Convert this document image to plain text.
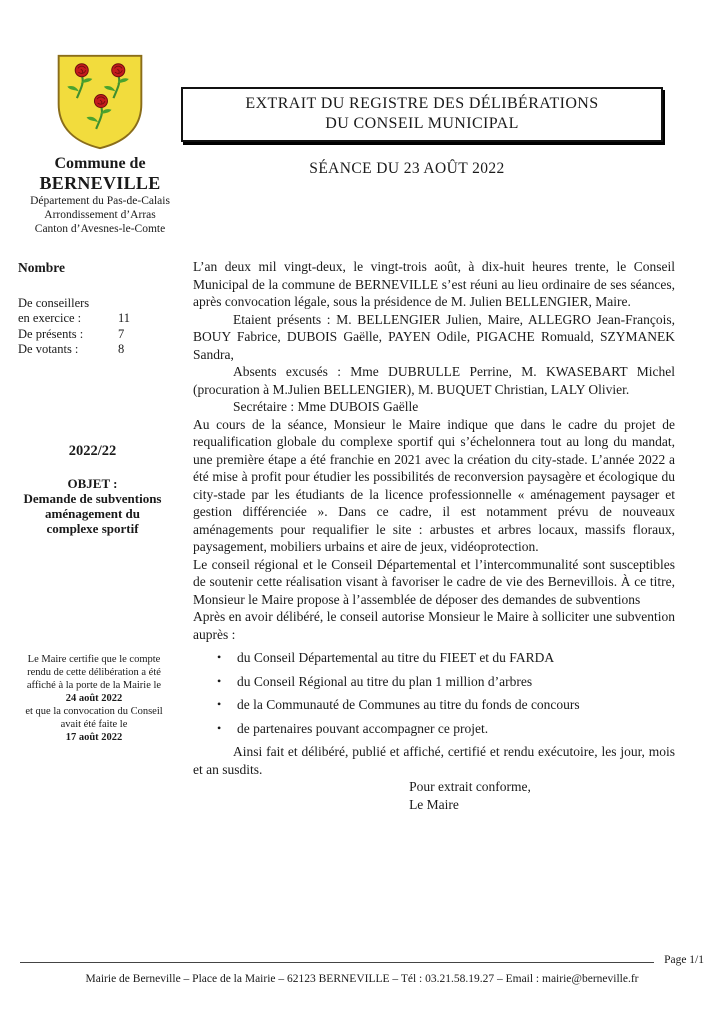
Commune de
BERNEVILLE
Département du Pas-de-Calais
Arrondissement d’Arras
Canton d’Avesnes-le-Comte
EXTRAIT DU REGISTRE DES DÉLIBÉRATIONS
DU CONSEIL MUNICIPAL
SÉANCE DU 23 AOÛT 2022
Nombre
De conseillers
en exercice :	11
De présents :	7
De votants :	8
2022/22
OBJET :
Demande de subventions
aménagement du
complexe sportif
Le Maire certifie que le compte rendu de cette délibération a été affiché à la porte de la Mairie le
24 août 2022
et que la convocation du Conseil avait été faite le
17 août 2022

L’an deux mil vingt-deux, le vingt-trois août, à dix-huit heures trente, le Conseil Municipal de la commune de BERNEVILLE s’est réuni au lieu ordinaire de ses séances, après convocation légale, sous la présidence de M. Julien BELLENGIER, Maire.

Etaient présents : M. BELLENGIER Julien, Maire, ALLEGRO Jean-François, BOUY Fabrice, DUBOIS Gaëlle, PAYEN Odile, PIGACHE Romuald, SZYMANEK Sandra,

Absents excusés : Mme DUBRULLE Perrine, M. KWASEBART Michel (procuration à M.Julien BELLENGIER), M. BUQUET Christian, LALY Olivier.

Secrétaire : Mme DUBOIS Gaëlle

Au cours de la séance, Monsieur le Maire indique que dans le cadre du projet de requalification globale du complexe sportif qui s’échelonnera tout au long du mandat, une première étape a été franchie en 2021 avec la création du city-stade. L’année 2022 a été mise à profit pour étudier les possibilités de reconversion paysagère et écologique du city-stade par les étudiants de la licence professionnelle « aménagement paysager et gestion différenciée ». Dans ce cadre, il est notamment prévu de nouveaux aménagements pour requalifier le site : arbustes et arbres locaux, massifs floraux, paysagement, mobiliers urbains et aire de jeux, vidéoprotection.

Le conseil régional et le Conseil Départemental et l’intercommunalité sont susceptibles de soutenir cette réalisation visant à favoriser le cadre de vie des Bernevillois. À ce titre, Monsieur le Maire propose à l’assemblée de déposer des demandes de subventions

Après en avoir délibéré, le conseil autorise Monsieur le Maire à solliciter une subvention auprès :

• du Conseil Départemental au titre du FIEET et du FARDA
• du Conseil Régional au titre du plan 1 million d’arbres
• de la Communauté de Communes au titre du fonds de concours
• de partenaires pouvant accompagner ce projet.

Ainsi fait et délibéré, publié et affiché, certifié et rendu exécutoire, les jour, mois et an susdits.

Pour extrait conforme,

Le Maire

Page 1/1
Mairie de Berneville – Place de la Mairie – 62123 BERNEVILLE – Tél : 03.21.58.19.27 – Email : mairie@berneville.fr
